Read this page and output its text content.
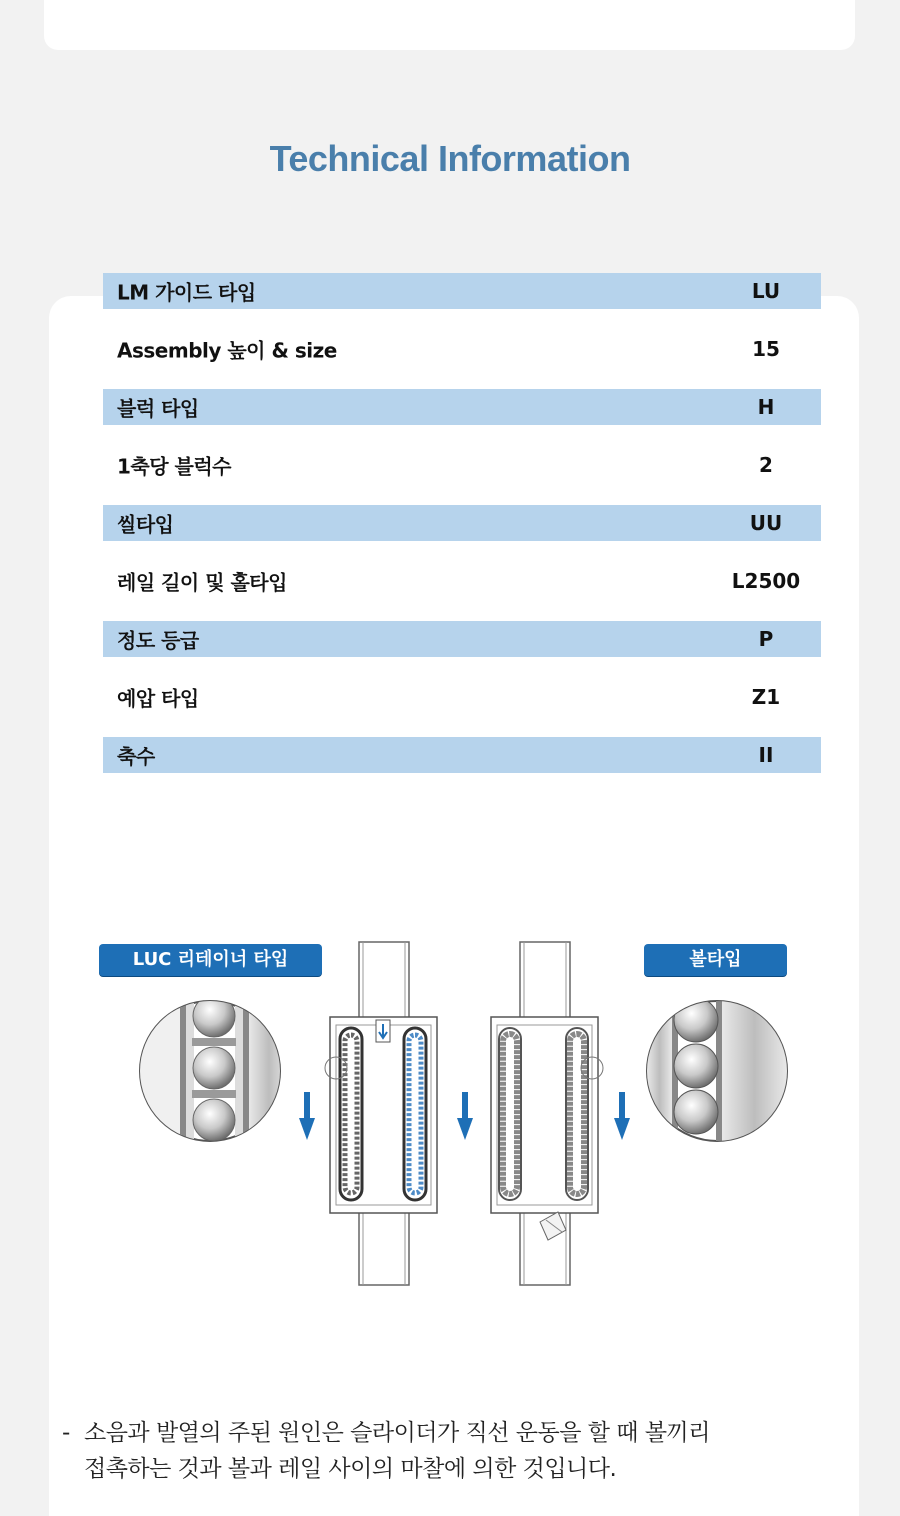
Technical Information
LM 가이드 타입	LU
Assembly 높이 & size	15
블럭 타입	H
1축당 블럭수	2
씰타입	UU
레일 길이 및 홀타입	L2500
정도 등급	P
예압 타입	Z1
축수	II
LUC 리테이너 타입	볼타입
- 소음과 발열의 주된 원인은 슬라이더가 직선 운동을 할 때 볼끼리
접촉하는 것과 볼과 레일 사이의 마찰에 의한 것입니다.
